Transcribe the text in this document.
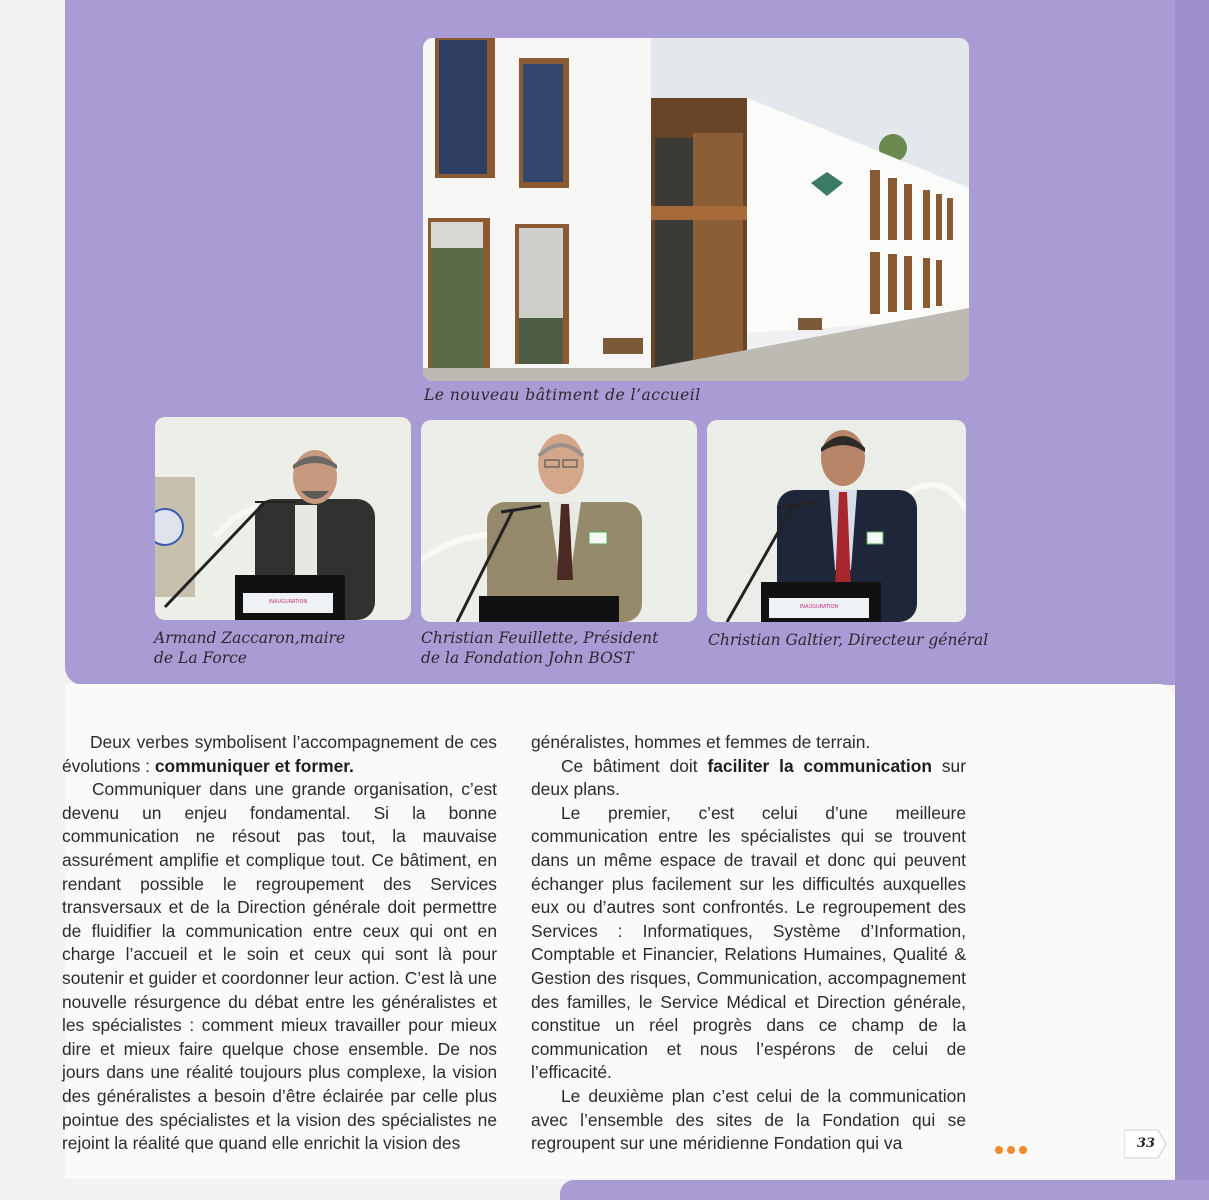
Le nouveau bâtiment de l’accueil

INAUGURATION
INAUGURATION
Armand Zaccaron,maire
de La Force
Christian Feuillette, Président
de la Fondation John BOST
Christian Galtier, Directeur général

Deux verbes symbolisent l’accompagnement de ces évolutions : communiquer et former.

Communiquer dans une grande organisation, c’est devenu un enjeu fondamental. Si la bonne communication ne résout pas tout, la mauvaise assurément amplifie et complique tout. Ce bâtiment, en rendant possible le regroupement des Services transversaux et de la Direction générale doit permettre de fluidifier la communication entre ceux qui ont en charge l’accueil et le soin et ceux qui sont là pour soutenir et guider et coordonner leur action. C’est là une nouvelle résurgence du débat entre les généralistes et les spécialistes : comment mieux travailler pour mieux dire et mieux faire quelque chose ensemble. De nos jours dans une réalité toujours plus complexe, la vision des généralistes a besoin d’être éclairée par celle plus pointue des spécialistes et la vision des spécialistes ne rejoint la réalité que quand elle enrichit la vision des

généralistes, hommes et femmes de terrain.

Ce bâtiment doit faciliter la communication sur deux plans.

Le premier, c’est celui d’une meilleure communication entre les spécialistes qui se trouvent dans un même espace de travail et donc qui peuvent échanger plus facilement sur les difficultés auxquelles eux ou d’autres sont confrontés. Le regroupement des Services : Informatiques, Système d’Information, Comptable et Financier, Relations Humaines, Qualité & Gestion des risques, Communication, accompagnement des familles, le Service Médical et Direction générale, constitue un réel progrès dans ce champ de la communication et nous l’espérons de celui de l’efficacité.

Le deuxième plan c’est celui de la communication avec l’ensemble des sites de la Fondation qui se regroupent sur une méridienne Fondation qui va	33
